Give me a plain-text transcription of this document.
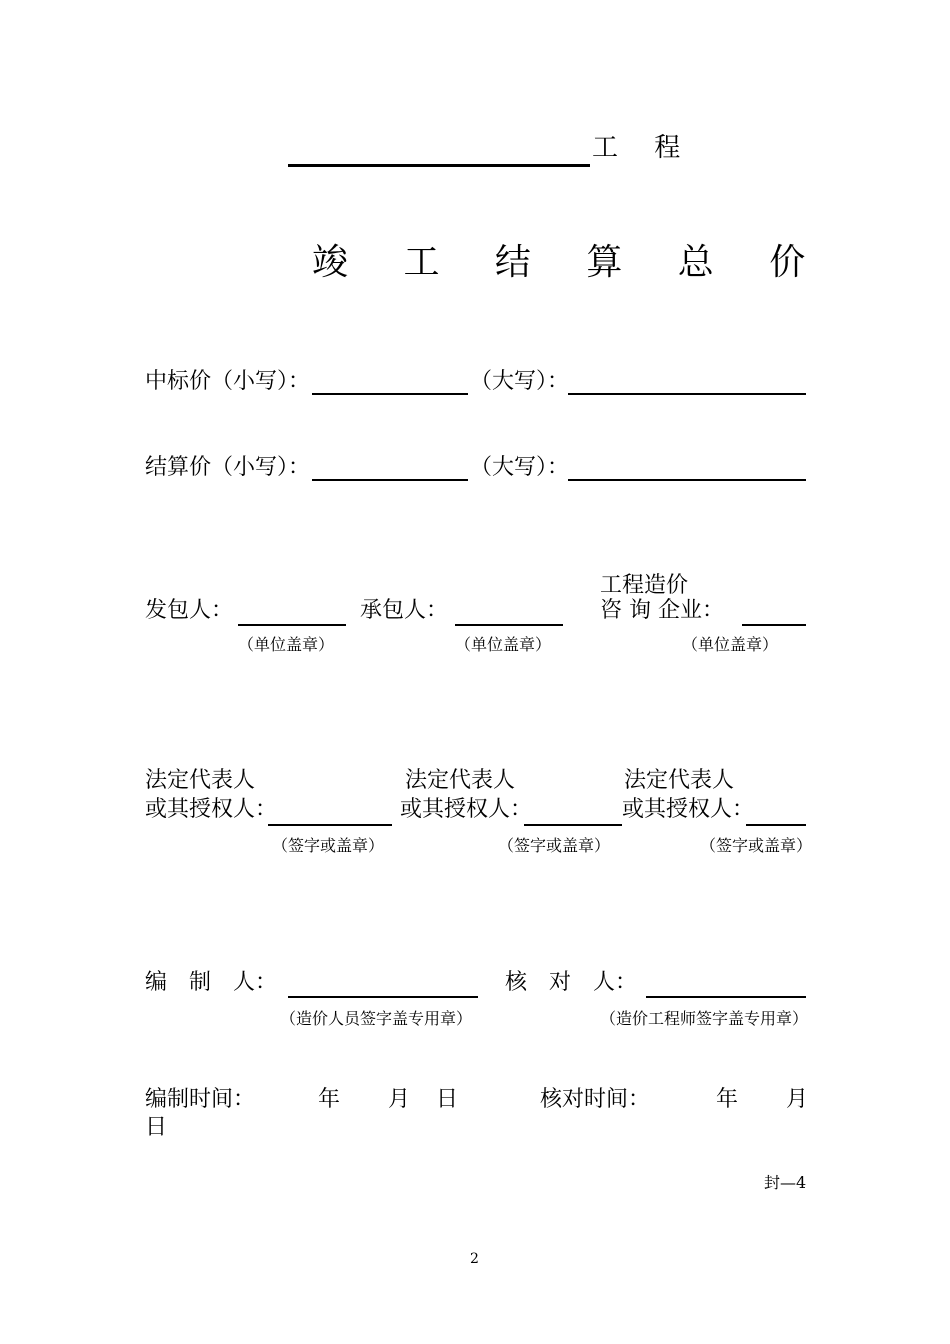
工 程
竣 工 结 算 总 价
中标价（小写）：	（大写）：
结算价（小写）：	（大写）：
发包人：
（单位盖章）
承包人：
（单位盖章）
工程造价
咨 询 企业：
（单位盖章）
法定代表人
或其授权人：
（签字或盖章）
法定代表人
或其授权人：
（签字或盖章）
法定代表人
或其授权人：
（签字或盖章）
编　制　人：
（造价人员签字盖专用章）
核　对　人：
（造价工程师签字盖专用章）
编制时间：	年 月 日	核对时间：	年 月
日
封—4
2
